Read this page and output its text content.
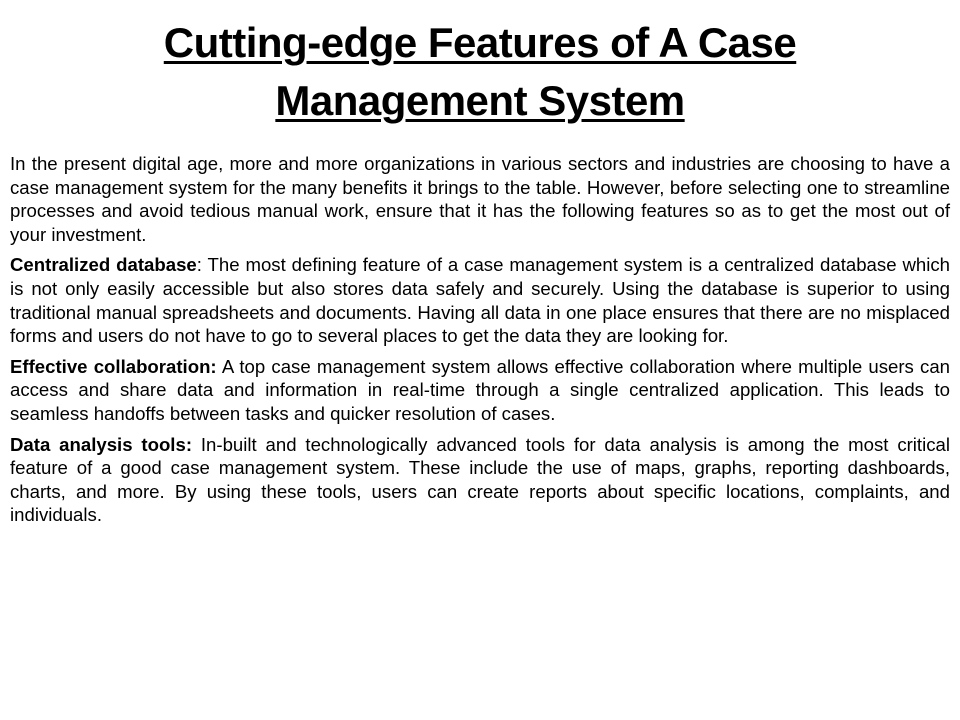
Cutting-edge Features of A Case Management System

In the present digital age, more and more organizations in various sectors and industries are choosing to have a case management system for the many benefits it brings to the table. However, before selecting one to streamline processes and avoid tedious manual work, ensure that it has the following features so as to get the most out of your investment.

Centralized database: The most defining feature of a case management system is a centralized database which is not only easily accessible but also stores data safely and securely. Using the database is superior to using traditional manual spreadsheets and documents. Having all data in one place ensures that there are no misplaced forms and users do not have to go to several places to get the data they are looking for.

Effective collaboration: A top case management system allows effective collaboration where multiple users can access and share data and information in real-time through a single centralized application. This leads to seamless handoffs between tasks and quicker resolution of cases.

Data analysis tools: In-built and technologically advanced tools for data analysis is among the most critical feature of a good case management system. These include the use of maps, graphs, reporting dashboards, charts, and more. By using these tools, users can create reports about specific locations, complaints, and individuals.
